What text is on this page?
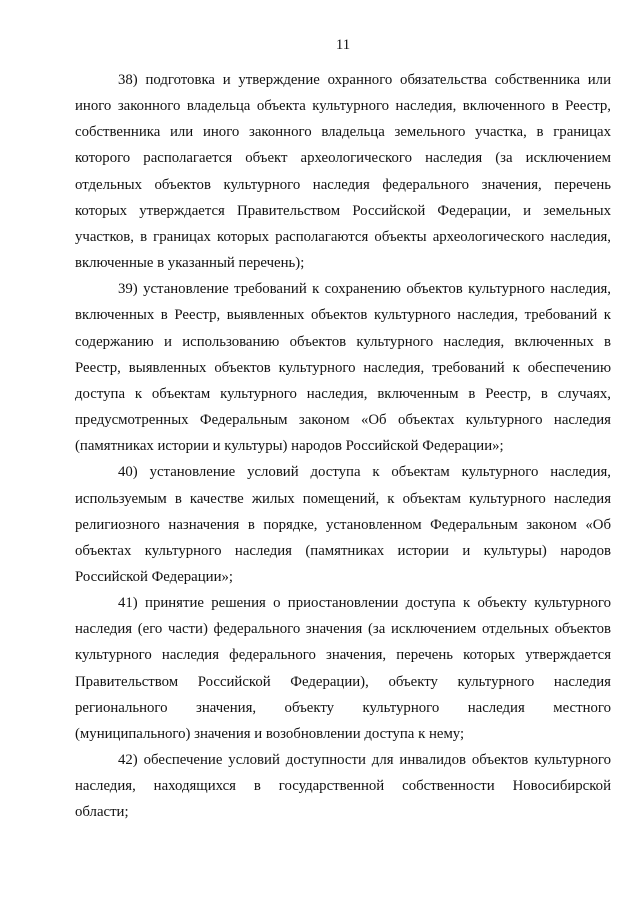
11
38) подготовка и утверждение охранного обязательства собственника или
иного законного владельца объекта культурного наследия, включенного в Реестр,
собственника или иного законного владельца земельного участка, в границах
которого располагается объект археологического наследия (за исключением
отдельных объектов культурного наследия федерального значения, перечень
которых утверждается Правительством Российской Федерации, и земельных
участков, в границах которых располагаются объекты археологического наследия,
включенные в указанный перечень);
39) установление требований к сохранению объектов культурного наследия,
включенных в Реестр, выявленных объектов культурного наследия, требований к
содержанию и использованию объектов культурного наследия, включенных в
Реестр, выявленных объектов культурного наследия, требований к обеспечению
доступа к объектам культурного наследия, включенным в Реестр, в случаях,
предусмотренных Федеральным законом «Об объектах культурного наследия
(памятниках истории и культуры) народов Российской Федерации»;
40) установление условий доступа к объектам культурного наследия,
используемым в качестве жилых помещений, к объектам культурного наследия
религиозного назначения в порядке, установленном Федеральным законом «Об
объектах культурного наследия (памятниках истории и культуры) народов
Российской Федерации»;
41) принятие решения о приостановлении доступа к объекту культурного
наследия (его части) федерального значения (за исключением отдельных объектов
культурного наследия федерального значения, перечень которых утверждается
Правительством Российской Федерации), объекту культурного наследия
регионального значения, объекту культурного наследия местного
(муниципального) значения и возобновлении доступа к нему;
42) обеспечение условий доступности для инвалидов объектов культурного
наследия, находящихся в государственной собственности Новосибирской
области;
